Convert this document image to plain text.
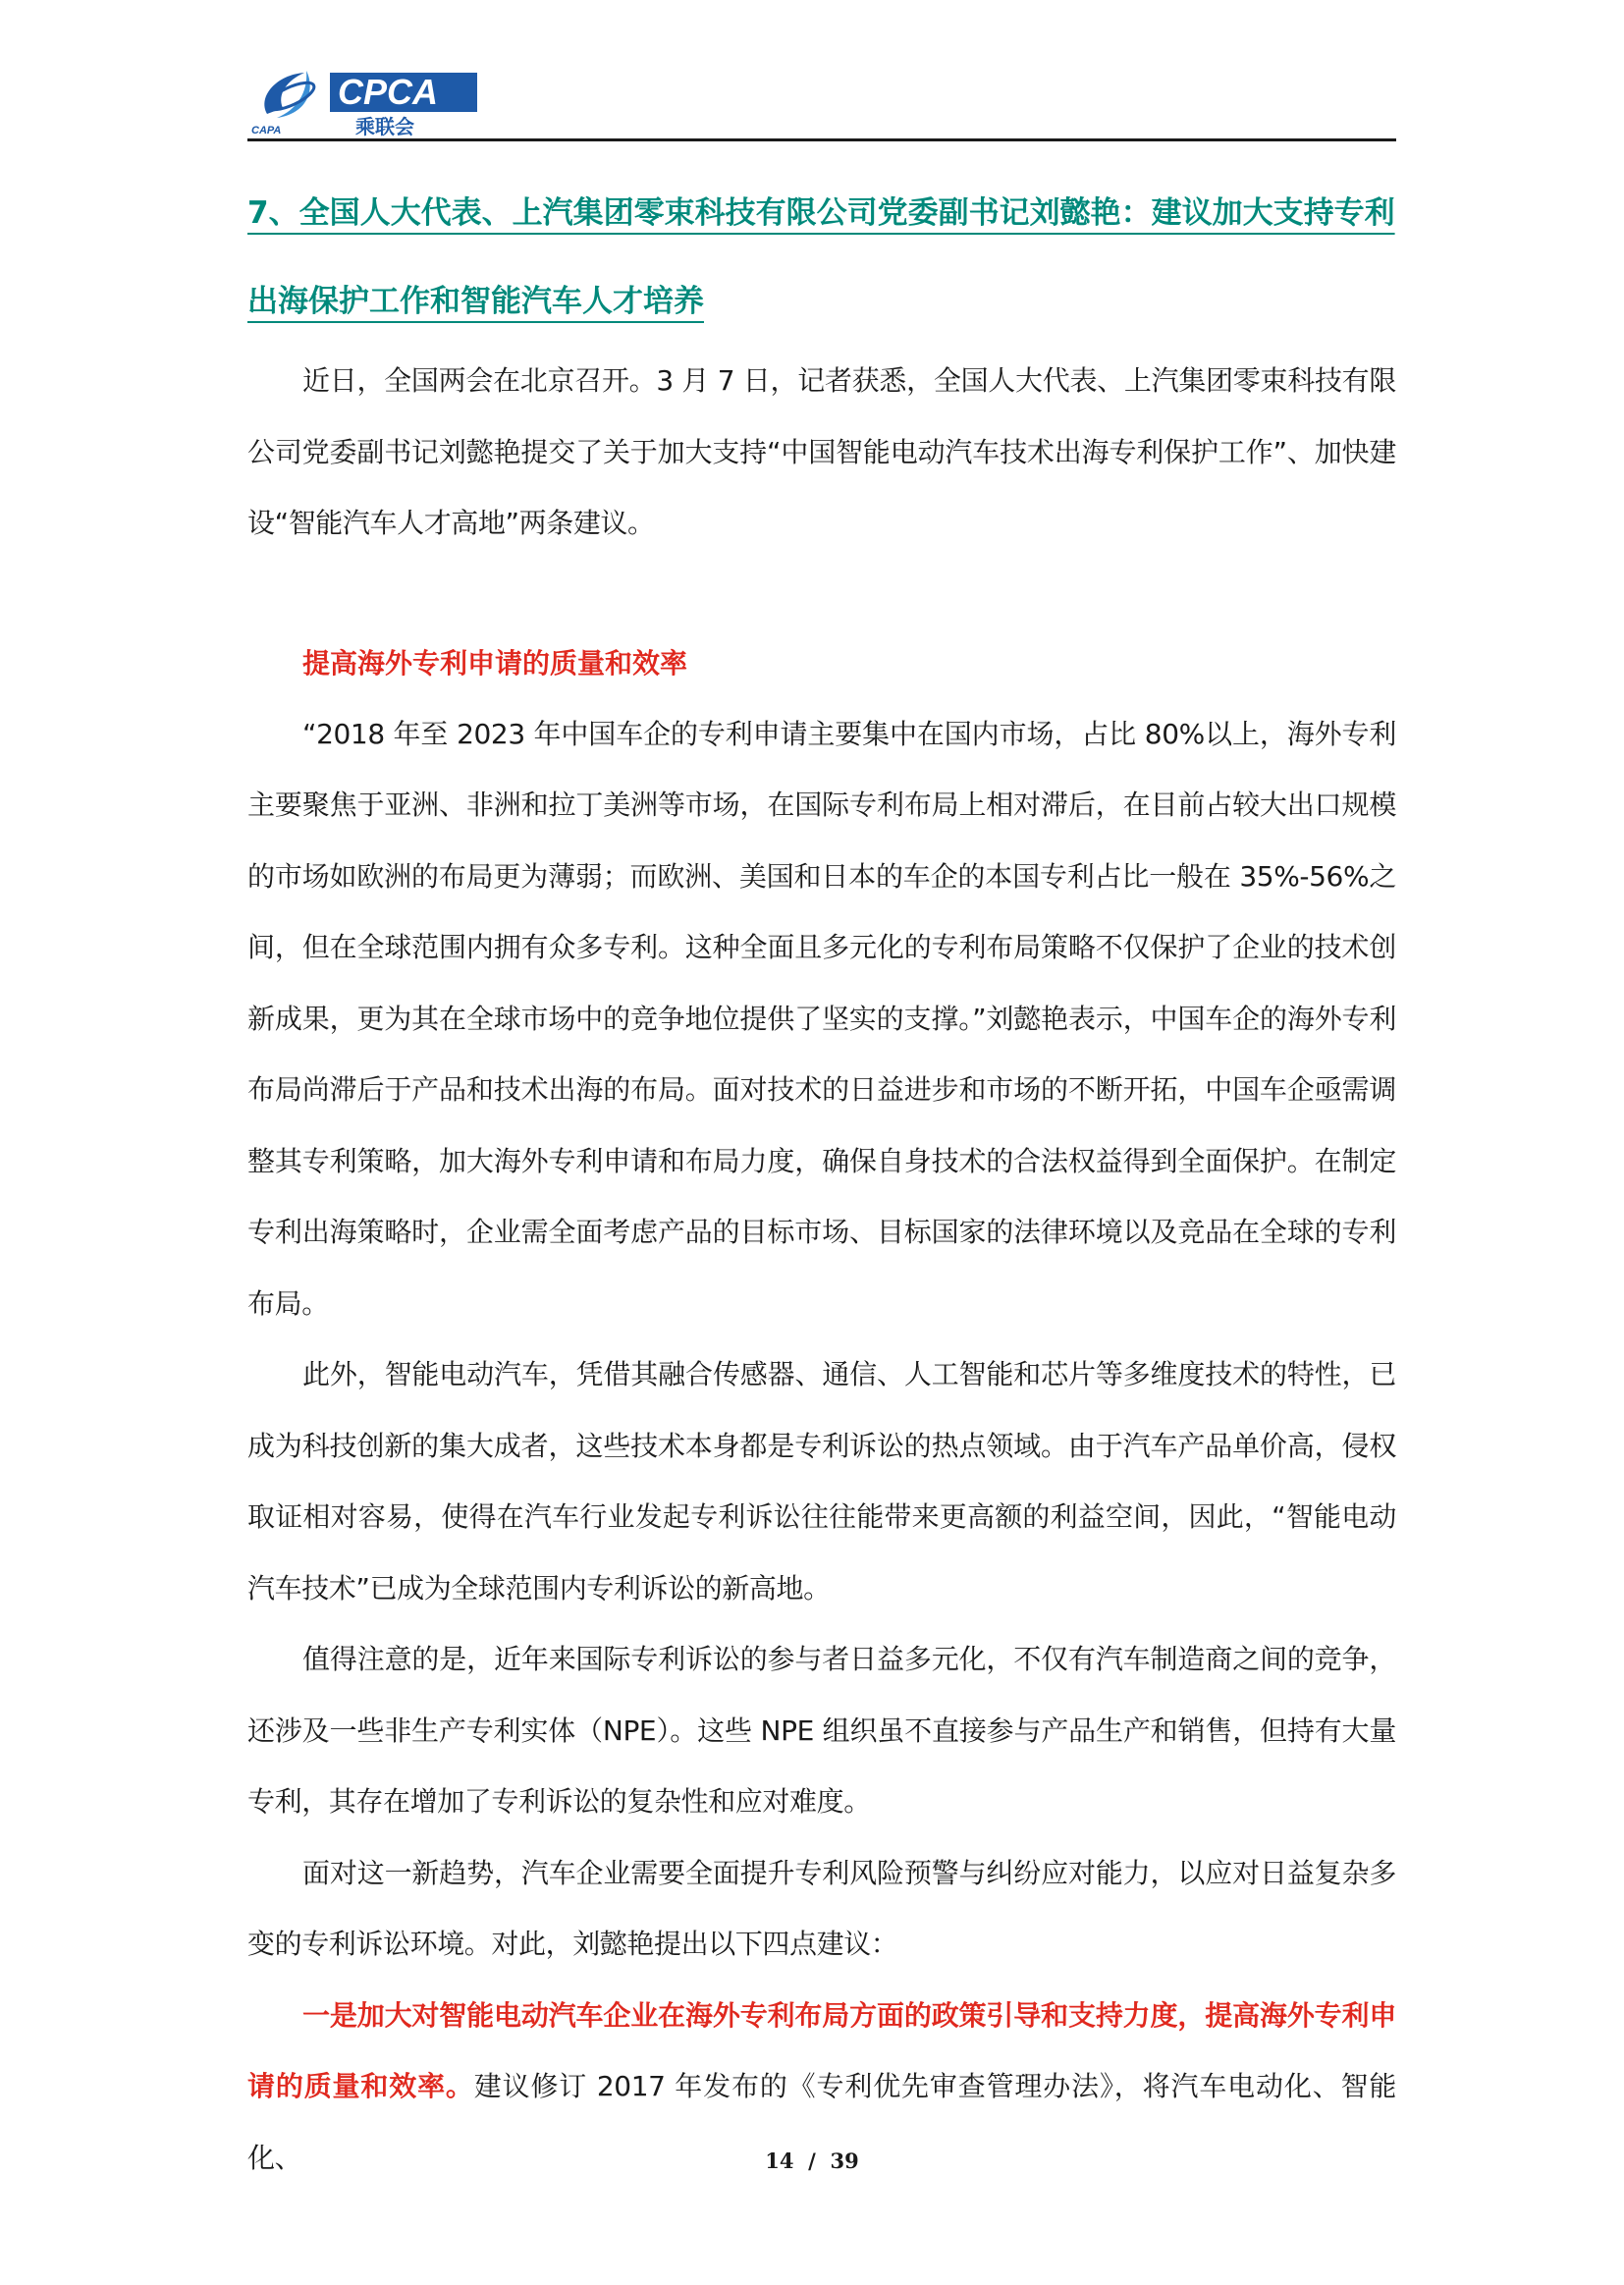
CAPA
CPCA
乘联会

7、全国人大代表、上汽集团零束科技有限公司党委副书记刘懿艳：建议加大支持专利出海保护工作和智能汽车人才培养

近日，全国两会在北京召开。3 月 7 日，记者获悉，全国人大代表、上汽集团零束科技有限公司党委副书记刘懿艳提交了关于加大支持“中国智能电动汽车技术出海专利保护工作”、加快建设“智能汽车人才高地”两条建议。

提高海外专利申请的质量和效率

“2018 年至 2023 年中国车企的专利申请主要集中在国内市场，占比 80%以上，海外专利主要聚焦于亚洲、非洲和拉丁美洲等市场，在国际专利布局上相对滞后，在目前占较大出口规模的市场如欧洲的布局更为薄弱；而欧洲、美国和日本的车企的本国专利占比一般在 35%-56%之间，但在全球范围内拥有众多专利。这种全面且多元化的专利布局策略不仅保护了企业的技术创新成果，更为其在全球市场中的竞争地位提供了坚实的支撑。”刘懿艳表示，中国车企的海外专利布局尚滞后于产品和技术出海的布局。面对技术的日益进步和市场的不断开拓，中国车企亟需调整其专利策略，加大海外专利申请和布局力度，确保自身技术的合法权益得到全面保护。在制定专利出海策略时，企业需全面考虑产品的目标市场、目标国家的法律环境以及竞品在全球的专利布局。

此外，智能电动汽车，凭借其融合传感器、通信、人工智能和芯片等多维度技术的特性，已成为科技创新的集大成者，这些技术本身都是专利诉讼的热点领域。由于汽车产品单价高，侵权取证相对容易，使得在汽车行业发起专利诉讼往往能带来更高额的利益空间，因此，“智能电动汽车技术”已成为全球范围内专利诉讼的新高地。

值得注意的是，近年来国际专利诉讼的参与者日益多元化，不仅有汽车制造商之间的竞争，还涉及一些非生产专利实体（NPE）。这些 NPE 组织虽不直接参与产品生产和销售，但持有大量专利，其存在增加了专利诉讼的复杂性和应对难度。

面对这一新趋势，汽车企业需要全面提升专利风险预警与纠纷应对能力，以应对日益复杂多变的专利诉讼环境。对此，刘懿艳提出以下四点建议：

一是加大对智能电动汽车企业在海外专利布局方面的政策引导和支持力度，提高海外专利申请的质量和效率。建议修订 2017 年发布的《专利优先审查管理办法》，将汽车电动化、智能化、	14 / 39
